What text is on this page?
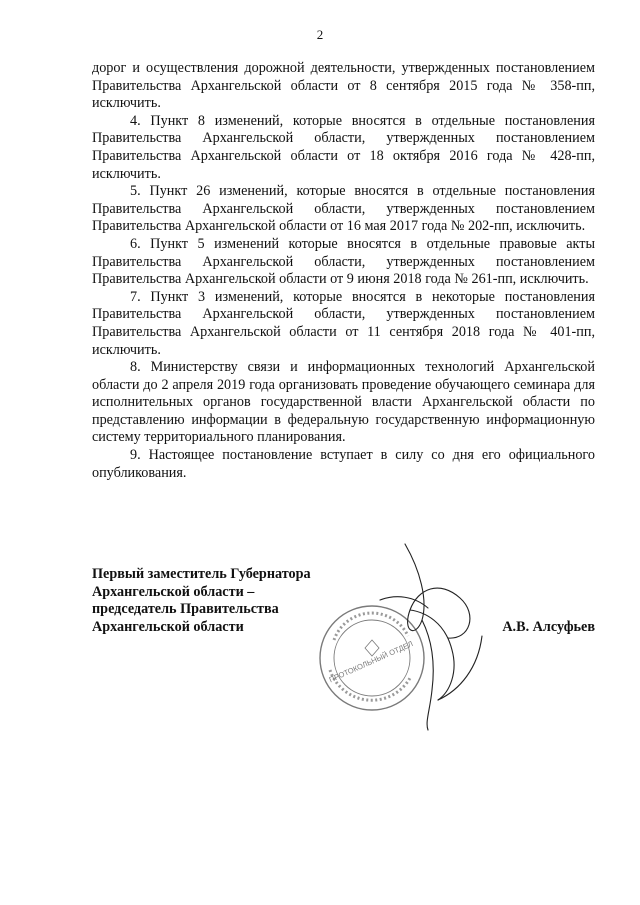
2

дорог и осуществления дорожной деятельности, утвержденных постановлением Правительства Архангельской области от 8 сентября 2015 года № 358-пп, исключить.

4. Пункт 8 изменений, которые вносятся в отдельные постановления Правительства Архангельской области, утвержденных постановлением Правительства Архангельской области от 18 октября 2016 года № 428-пп, исключить.

5. Пункт 26 изменений, которые вносятся в отдельные постановления Правительства Архангельской области, утвержденных постановлением Правительства Архангельской области от 16 мая 2017 года № 202-пп, исключить.

6. Пункт 5 изменений которые вносятся в отдельные правовые акты Правительства Архангельской области, утвержденных постановлением Правительства Архангельской области от 9 июня 2018 года № 261-пп, исключить.

7. Пункт 3 изменений, которые вносятся в некоторые постановления Правительства Архангельской области, утвержденных постановлением Правительства Архангельской области от 11 сентября 2018 года № 401-пп, исключить.

8. Министерству связи и информационных технологий Архангельской области до 2 апреля 2019 года организовать проведение обучающего семинара для исполнительных органов государственной власти Архангельской области по представлению информации в федеральную государственную информационную систему территориального планирования.

9. Настоящее постановление вступает в силу со дня его официального опубликования.

ПРОТОКОЛЬНЫЙ ОТДЕЛ
Первый заместитель Губернатора
Архангельской области –
председатель Правительства
Архангельской области	А.В. Алсуфьев
